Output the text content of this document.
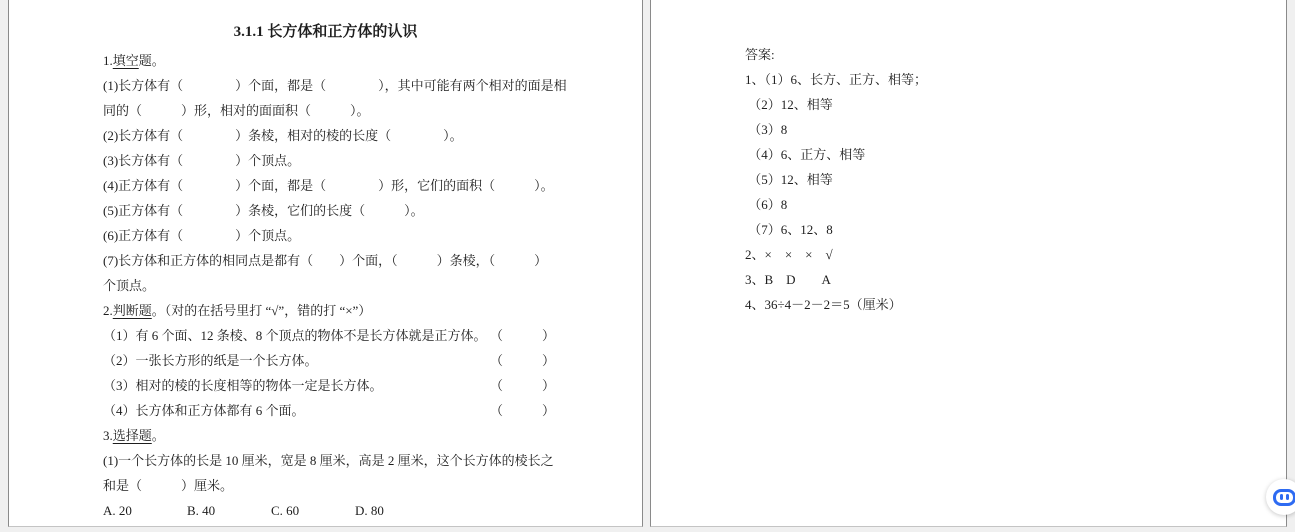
3.1.1 长方体和正方体的认识
1.填空题。
(1)长方体有（　　　　）个面，都是（　　　　），其中可能有两个相对的面是相
同的（　　　）形，相对的面面积（　　　）。
(2)长方体有（　　　　）条棱，相对的棱的长度（　　　　）。
(3)长方体有（　　　　）个顶点。
(4)正方体有（　　　　）个面，都是（　　　　）形，它们的面积（　　　）。
(5)正方体有（　　　　）条棱，它们的长度（　　　）。
(6)正方体有（　　　　）个顶点。
(7)长方体和正方体的相同点是都有（　　）个面，（　　　）条棱，（　　　）
个顶点。
2.判断题。（对的在括号里打 “√”，错的打 “×”）
（1）有 6 个面、12 条棱、8 个顶点的物体不是长方体就是正方体。 （　　　）
（2）一张长方形的纸是一个长方体。	（　　　）
（3）相对的棱的长度相等的物体一定是长方体。	（　　　）
（4）长方体和正方体都有 6 个面。	（　　　）
3.选择题。
(1)一个长方体的长是 10 厘米，宽是 8 厘米，高是 2 厘米，这个长方体的棱长之
和是（　　　）厘米。
A. 20	B. 40	C. 60	D. 80
答案:
1、（1）6、长方、正方、相等；
（2）12、相等
（3）8
（4）6、正方、相等
（5）12、相等
（6）8
（7）6、12、8
2、×　×　×　√
3、B　D　　A
4、36÷4－2－2＝5（厘米）
